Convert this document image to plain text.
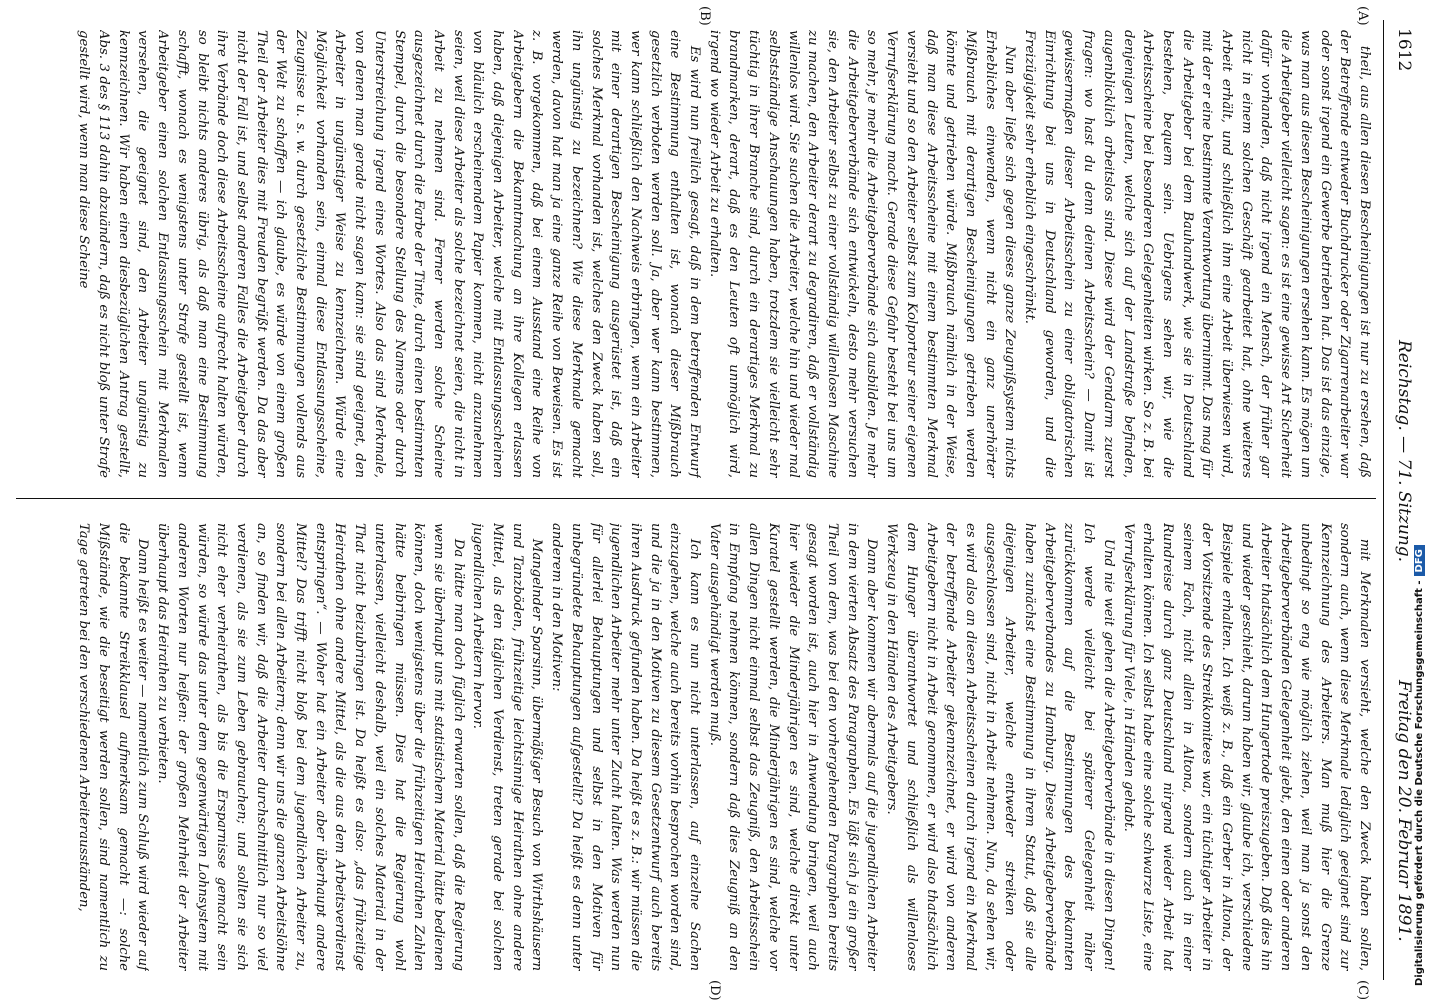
1612
Reichstag. — 71. Sitzung.
Freitag den 20. Februar 1891.
(A)
(B)
(C)
(D)

theil, aus allen diesen Bescheinigungen ist nur zu ersehen, daß der Betreffende entweder Buchdrucker oder Zigarrenarbeiter war oder sonst irgend ein Gewerbe betrieben hat. Das ist das einzige, was man aus diesen Bescheinigungen ersehen kann. Es mögen um die Arbeitgeber vielleicht sagen: es ist eine gewisse Art Sicherheit dafür vorhanden, daß nicht irgend ein Mensch, der früher gar nicht in einem solchen Geschäft gearbeitet hat, ohne weiteres Arbeit erhält, und schließlich ihm eine Arbeit überwiesen wird, mit der er eine bestimmte Verantwortung übernimmt. Das mag für die Arbeitgeber bei dem Bauhandwerk, wie sie in Deutschland bestehen, bequem sein. Uebrigens sehen wir, wie die Arbeitsscheine bei besonderen Gelegenheiten wirken. So z. B. bei denjenigen Leuten, welche sich auf der Landstraße befinden, augenblicklich arbeitslos sind. Diese wird der Gendarm zuerst fragen: wo hast du denn deinen Arbeitsschein? — Damit ist gewissermaßen dieser Arbeitsschein zu einer obligatorischen Einrichtung bei uns in Deutschland geworden, und die Freizügigkeit sehr erheblich eingeschränkt.

Nun aber ließe sich gegen dieses ganze Zeugnißsystem nichts Erhebliches einwenden, wenn nicht ein ganz unerhörter Mißbrauch mit derartigen Bescheinigungen getrieben werden könnte und getrieben würde. Mißbrauch nämlich in der Weise, daß man diese Arbeitsscheine mit einem bestimmten Merkmal versieht und so den Arbeiter selbst zum Kolporteur seiner eigenen Verrufserklärung macht. Gerade diese Gefahr besteht bei uns um so mehr, je mehr die Arbeitgeberverbände sich ausbilden. Je mehr die Arbeitgeberverbände sich entwickeln, desto mehr versuchen sie, den Arbeiter selbst zu einer vollständig willenlosen Maschine zu machen, den Arbeiter derart zu degradiren, daß er vollständig willenlos wird. Sie suchen die Arbeiter, welche hin und wieder mal selbstständige Anschauungen haben, trotzdem sie vielleicht sehr tüchtig in ihrer Branche sind, durch ein derartiges Merkmal zu brandmarken, derart, daß es den Leuten oft unmöglich wird, irgend wo wieder Arbeit zu erhalten.

Es wird nun freilich gesagt, daß in dem betreffenden Entwurf eine Bestimmung enthalten ist, wonach dieser Mißbrauch gesetzlich verboten werden soll. Ja, aber wer kann bestimmen, wer kann schließlich den Nachweis erbringen, wenn ein Arbeiter mit einer derartigen Bescheinigung ausgerüstet ist, daß ein solches Merkmal vorhanden ist, welches den Zweck haben soll, ihn ungünstig zu bezeichnen? Wie diese Merkmale gemacht werden, davon hat man ja eine ganze Reihe von Beweisen. Es ist z. B. vorgekommen, daß bei einem Ausstand eine Reihe von Arbeitgebern die Bekanntmachung an ihre Kollegen erlassen haben, daß diejenigen Arbeiter, welche mit Entlassungsscheinen von bläulich erscheinendem Papier kommen, nicht anzunehmen seien, weil diese Arbeiter als solche bezeichnet seien, die nicht in Arbeit zu nehmen sind. Ferner werden solche Scheine ausgezeichnet durch die Farbe der Tinte, durch einen bestimmten Stempel, durch die besondere Stellung des Namens oder durch Unterstreichung irgend eines Wortes. Also das sind Merkmale, von denen man gerade nicht sagen kann: sie sind geeignet, den Arbeiter in ungünstiger Weise zu kennzeichnen. Würde eine Möglichkeit vorhanden sein, einmal diese Entlassungsscheine, Zeugnisse u. s. w. durch gesetzliche Bestimmungen vollends aus der Welt zu schaffen — ich glaube, es würde von einem großen Theil der Arbeiter dies mit Freuden begrüßt werden. Da das aber nicht der Fall ist, und selbst anderen Falles die Arbeitgeber durch ihre Verbände doch diese Arbeitsscheine aufrecht halten würden, so bleibt nichts anderes übrig, als daß man eine Bestimmung schafft, wonach es wenigstens unter Strafe gestellt ist, wenn Arbeitgeber einen solchen Entlassungsschein mit Merkmalen versehen, die geeignet sind, den Arbeiter ungünstig zu kennzeichnen. Wir haben einen diesbezüglichen Antrag gestellt, Abs. 3 des § 113 dahin abzuändern, daß es nicht bloß unter Strafe gestellt wird, wenn man diese Scheine

mit Merkmalen versieht, welche den Zweck haben sollen, sondern auch, wenn diese Merkmale lediglich geeignet sind zur Kennzeichnung des Arbeiters. Man muß hier die Grenze unbedingt so eng wie möglich ziehen, weil man ja sonst den Arbeitgeberverbänden Gelegenheit giebt, den einen oder anderen Arbeiter thatsächlich dem Hungertode preiszugeben. Daß dies hin und wieder geschieht, darum haben wir, glaube ich, verschiedene Beispiele erhalten. Ich weiß z. B., daß ein Gerber in Altona, der der Vorsitzende des Streikkomitees war, ein tüchtiger Arbeiter in seinem Fach, nicht allein in Altona, sondern auch in einer Rundreise durch ganz Deutschland nirgend wieder Arbeit hat erhalten können. Ich selbst habe eine solche schwarze Liste, eine Verrufserklärung für Viele, in Händen gehabt.

Und nie weit gehen die Arbeitgeberverbände in diesen Dingen! Ich werde vielleicht bei späterer Gelegenheit näher zurückkommen auf die Bestimmungen des bekannten Arbeitgeberverbandes zu Hamburg. Diese Arbeitgeberverbände haben zunächst eine Bestimmung in ihrem Statut, daß sie alle diejenigen Arbeiter, welche entweder streiken oder ausgeschlossen sind, nicht in Arbeit nehmen. Nun, da sehen wir, es wird also an diesen Arbeitsscheinen durch irgend ein Merkmal der betreffende Arbeiter gekennzeichnet, er wird von anderen Arbeitgebern nicht in Arbeit genommen, er wird also thatsächlich dem Hunger überantwortet und schließlich als willenloses Werkzeug in den Händen des Arbeitgebers.

Dann aber kommen wir abermals auf die jugendlichen Arbeiter in dem vierten Absatz des Paragraphen. Es läßt sich ja ein großer Theil von dem, was bei den vorhergehenden Paragraphen bereits gesagt worden ist, auch hier in Anwendung bringen, weil auch hier wieder die Minderjährigen es sind, welche direkt unter Kuratel gestellt werden, die Minderjährigen es sind, welche vor allen Dingen nicht einmal selbst das Zeugniß, den Arbeitsschein in Empfang nehmen können, sondern daß dies Zeugniß an den Vater ausgehändigt werden muß.

Ich kann es nun nicht unterlassen, auf einzelne Sachen einzugehen, welche auch bereits vorhin besprochen worden sind, und die ja in den Motiven zu diesem Gesetzentwurf auch bereits ihren Ausdruck gefunden haben. Da heißt es z. B.: wir müssen die jugendlichen Arbeiter mehr unter Zucht halten. Was werden nun für allerlei Behauptungen und selbst in den Motiven für unbegründete Behauptungen aufgestellt? Da heißt es denn unter anderem in den Motiven:

Mangelnder Sparsinn, übermäßiger Besuch von Wirthshäusern und Tanzböden, frühzeitige leichtsinnige Heirathen ohne andere Mittel, als den täglichen Verdienst, treten gerade bei solchen jugendlichen Arbeitern hervor.

Da hätte man doch füglich erwarten sollen, daß die Regierung wenn sie überhaupt uns mit statistischem Material hätte bedienen können, doch wenigstens über die frühzeitigen Heirathen Zahlen hätte beibringen müssen. Dies hat die Regierung wohl unterlassen, vielleicht deshalb, weil ein solches Material in der That nicht beizubringen ist. Da heißt es also: „das frühzeitige Heirathen ohne andere Mittel, als die aus dem Arbeitsverdienst entspringen“. — Woher hat ein Arbeiter aber überhaupt andere Mittel? Das trifft nicht bloß bei dem jugendlichen Arbeiter zu, sondern bei allen Arbeitern; denn wir uns die ganzen Arbeitslöhne an, so finden wir, daß die Arbeiter durchschnittlich nur so viel verdienen, als sie zum Leben gebrauchen; und sollten sie sich nicht eher verheirathen, als bis die Ersparnisse gemacht sein würden, so würde das unter dem gegenwärtigen Lohnsystem mit anderen Worten nur heißen: der großen Mehrheit der Arbeiter überhaupt das Heirathen zu verbieten.

Dann heißt es weiter — namentlich zum Schluß wird wieder auf die bekannte Streikklausel aufmerksam gemacht —: solche Mißstände, wie die beseitigt werden sollen, sind namentlich zu Tage getreten bei den verschiedenen Arbeiterausständen,	Digitalisierung gefördert durch die Deutsche Forschungsgemeinschaft -DFG
